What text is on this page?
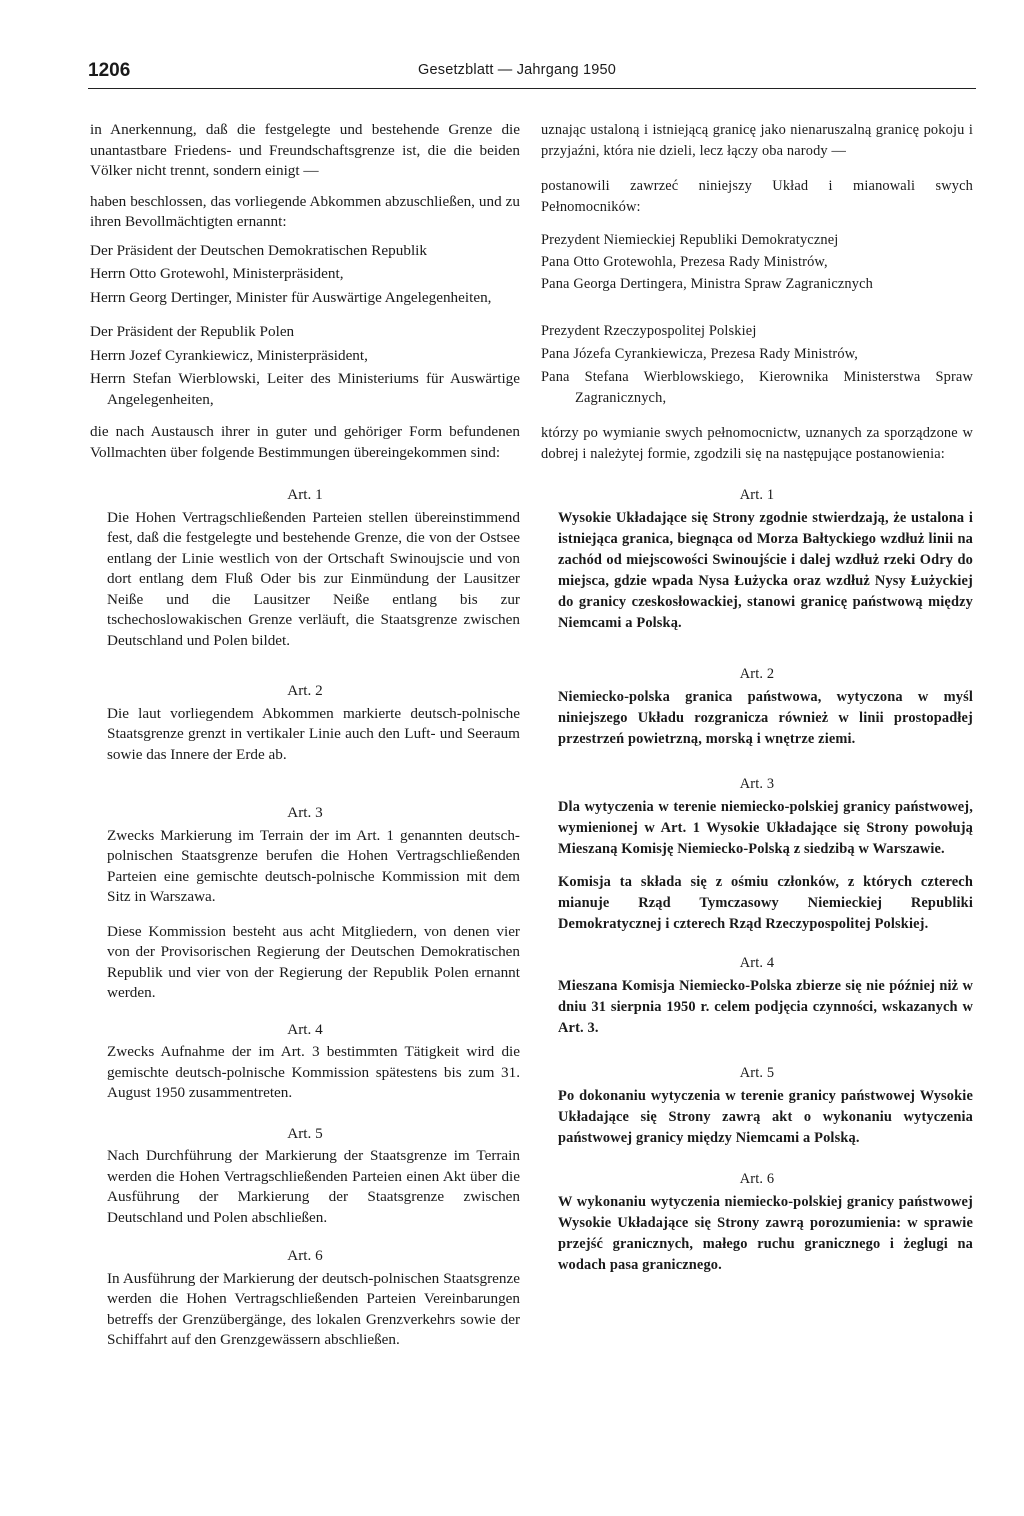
1206	Gesetzblatt — Jahrgang 1950

in Anerkennung, daß die festgelegte und bestehende Grenze die unantastbare Friedens- und Freundschaftsgrenze ist, die die beiden Völker nicht trennt, sondern einigt —

haben beschlossen, das vorliegende Abkommen abzuschließen, und zu ihren Bevollmächtigten ernannt:

Der Präsident der Deutschen Demokratischen Republik
Herrn Otto Grotewohl, Ministerpräsident,

Herrn Georg Dertinger, Minister für Auswärtige Angelegenheiten,

Der Präsident der Republik Polen
Herrn Jozef Cyrankiewicz, Ministerpräsident,

Herrn Stefan Wierblowski, Leiter des Ministeriums für Auswärtige Angelegenheiten,

die nach Austausch ihrer in guter und gehöriger Form befundenen Vollmachten über folgende Bestimmungen übereingekommen sind:

Art. 1

Die Hohen Vertragschließenden Parteien stellen übereinstimmend fest, daß die festgelegte und bestehende Grenze, die von der Ostsee entlang der Linie westlich von der Ortschaft Swinoujscie und von dort entlang dem Fluß Oder bis zur Einmündung der Lausitzer Neiße und die Lausitzer Neiße entlang bis zur tschechoslowakischen Grenze verläuft, die Staatsgrenze zwischen Deutschland und Polen bildet.

Art. 2

Die laut vorliegendem Abkommen markierte deutsch-polnische Staatsgrenze grenzt in vertikaler Linie auch den Luft- und Seeraum sowie das Innere der Erde ab.

Art. 3

Zwecks Markierung im Terrain der im Art. 1 genannten deutsch-polnischen Staatsgrenze berufen die Hohen Vertragschließenden Parteien eine gemischte deutsch-polnische Kommission mit dem Sitz in Warszawa.

Diese Kommission besteht aus acht Mitgliedern, von denen vier von der Provisorischen Regierung der Deutschen Demokratischen Republik und vier von der Regierung der Republik Polen ernannt werden.

Art. 4

Zwecks Aufnahme der im Art. 3 bestimmten Tätigkeit wird die gemischte deutsch-polnische Kommission spätestens bis zum 31. August 1950 zusammentreten.

Art. 5

Nach Durchführung der Markierung der Staatsgrenze im Terrain werden die Hohen Vertragschließenden Parteien einen Akt über die Ausführung der Markierung der Staatsgrenze zwischen Deutschland und Polen abschließen.

Art. 6

In Ausführung der Markierung der deutsch-polnischen Staatsgrenze werden die Hohen Vertragschließenden Parteien Vereinbarungen betreffs der Grenzübergänge, des lokalen Grenzverkehrs sowie der Schiffahrt auf den Grenzgewässern abschließen.

uznając ustaloną i istniejącą granicę jako nienaruszalną granicę pokoju i przyjaźni, która nie dzieli, lecz łączy oba narody —

postanowili zawrzeć niniejszy Układ i mianowali swych Pełnomocników:

Prezydent Niemieckiej Republiki Demokratycznej
Pana Otto Grotewohla, Prezesa Rady Ministrów,

Pana Georga Dertingera, Ministra Spraw Zagranicznych

Prezydent Rzeczypospolitej Polskiej
Pana Józefa Cyrankiewicza, Prezesa Rady Ministrów,

Pana Stefana Wierblowskiego, Kierownika Ministerstwa Spraw Zagranicznych,

którzy po wymianie swych pełnomocnictw, uznanych za sporządzone w dobrej i należytej formie, zgodzili się na następujące postanowienia:

Art. 1

Wysokie Układające się Strony zgodnie stwierdzają, że ustalona i istniejąca granica, biegnąca od Morza Bałtyckiego wzdłuż linii na zachód od miejscowości Swinoujście i dalej wzdłuż rzeki Odry do miejsca, gdzie wpada Nysa Łużycka oraz wzdłuż Nysy Łużyckiej do granicy czeskosłowackiej, stanowi granicę państwową między Niemcami a Polską.

Art. 2

Niemiecko-polska granica państwowa, wytyczona w myśl niniejszego Układu rozgranicza również w linii prostopadłej przestrzeń powietrzną, morską i wnętrze ziemi.

Art. 3

Dla wytyczenia w terenie niemiecko-polskiej granicy państwowej, wymienionej w Art. 1 Wysokie Układające się Strony powołują Mieszaną Komisję Niemiecko-Polską z siedzibą w Warszawie.

Komisja ta składa się z ośmiu członków, z których czterech mianuje Rząd Tymczasowy Niemieckiej Republiki Demokratycznej i czterech Rząd Rzeczypospolitej Polskiej.

Art. 4

Mieszana Komisja Niemiecko-Polska zbierze się nie później niż w dniu 31 sierpnia 1950 r. celem podjęcia czynności, wskazanych w Art. 3.

Art. 5

Po dokonaniu wytyczenia w terenie granicy państwowej Wysokie Układające się Strony zawrą akt o wykonaniu wytyczenia państwowej granicy między Niemcami a Polską.

Art. 6

W wykonaniu wytyczenia niemiecko-polskiej granicy państwowej Wysokie Układające się Strony zawrą porozumienia: w sprawie przejść granicznych, małego ruchu granicznego i żeglugi na wodach pasa granicznego.
